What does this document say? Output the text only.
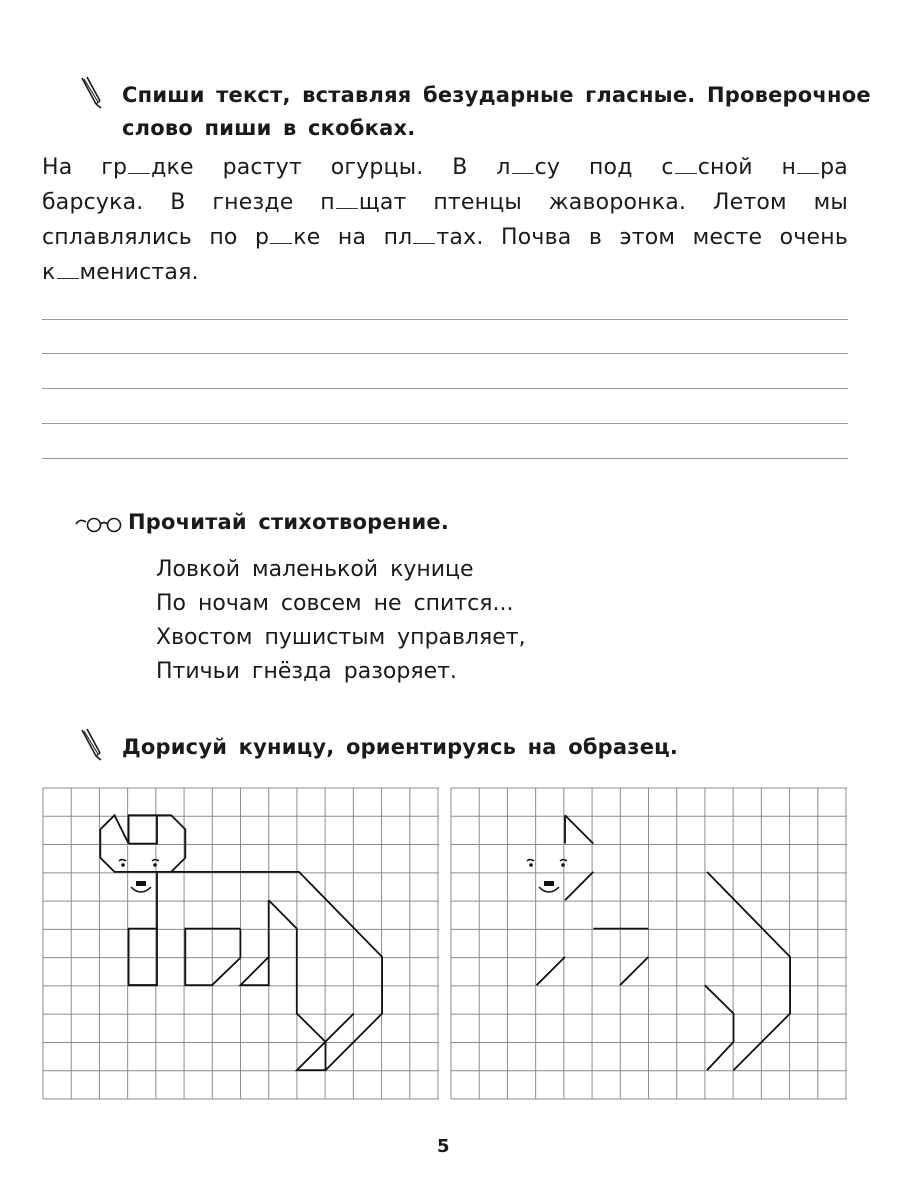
Спиши текст, вставляя безударные гласные. Проверочное
слово пиши в скобках.
На гр дке растут огурцы. В л су под с сной н ра
барсука. В гнезде п щат птенцы жаворонка. Летом мы
сплавлялись по р ке на пл тах. Почва в этом месте очень
к менистая.
Прочитай стихотворение.
Ловкой маленькой кунице
По ночам совсем не спится...
Хвостом пушистым управляет,
Птичьи гнёзда разоряет.
Дорисуй куницу, ориентируясь на образец.
5
